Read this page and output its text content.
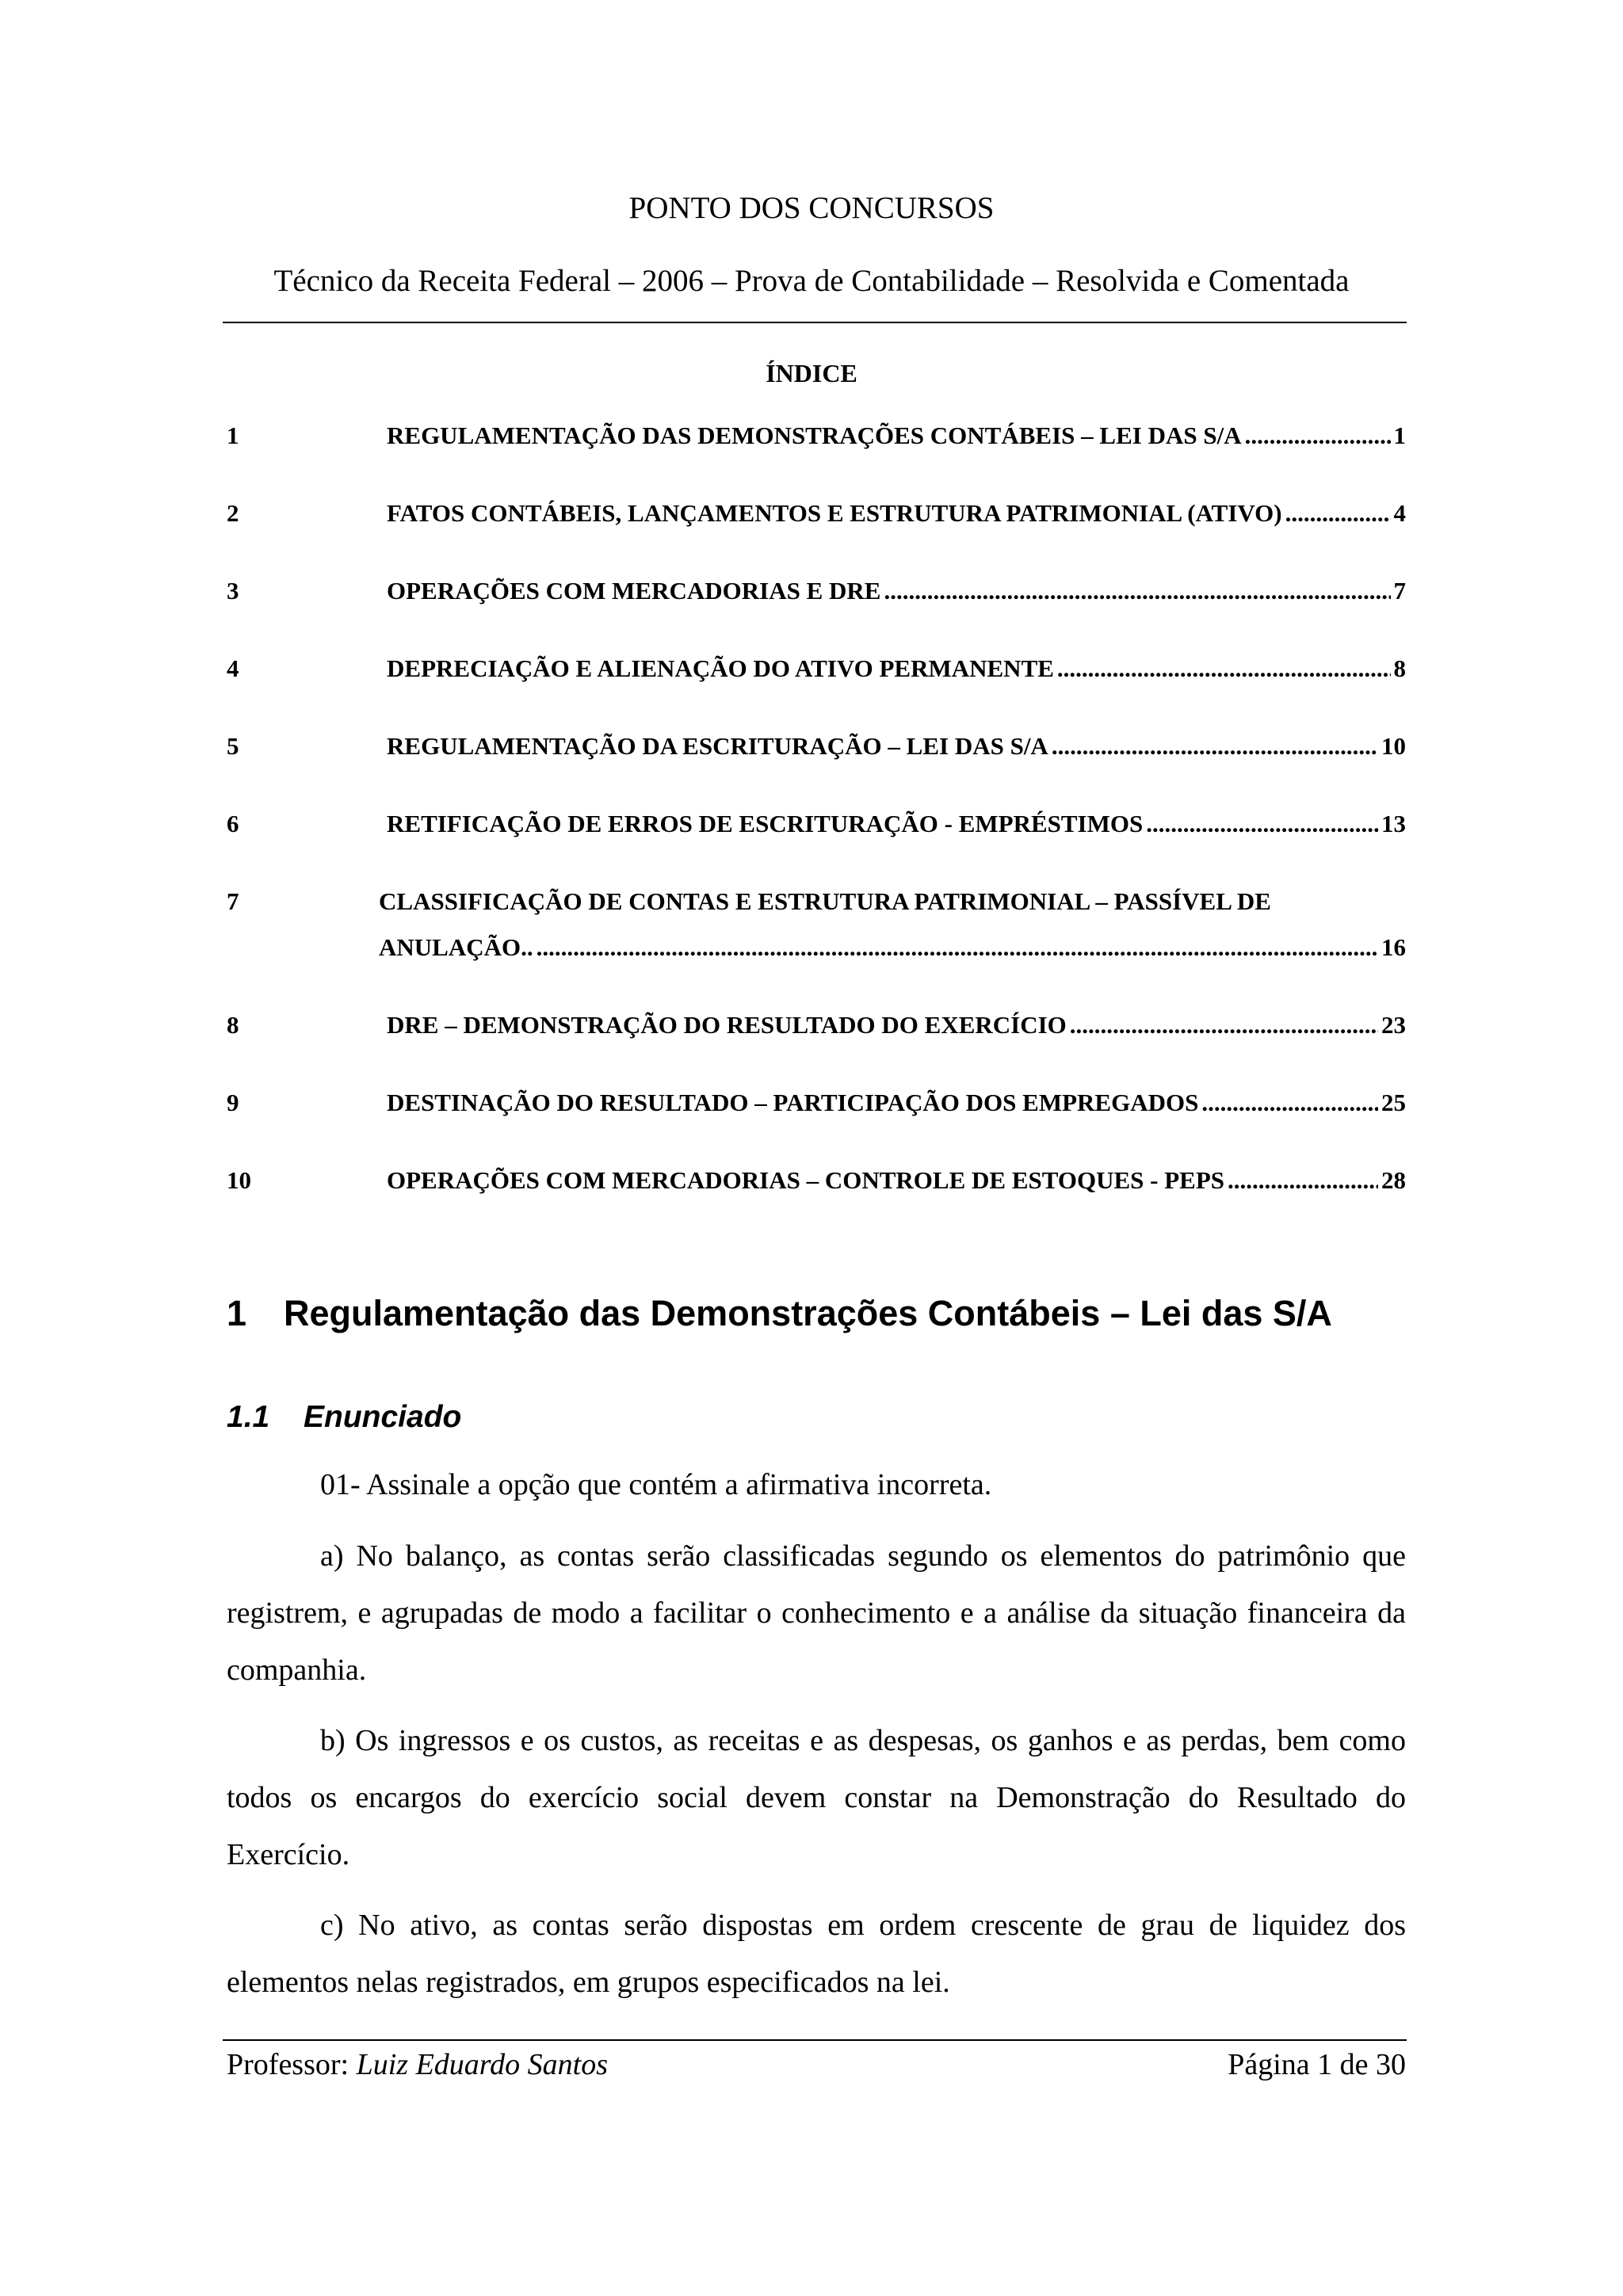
PONTO DOS CONCURSOS
Técnico da Receita Federal – 2006 – Prova de Contabilidade – Resolvida e Comentada
ÍNDICE
1	REGULAMENTAÇÃO DAS DEMONSTRAÇÕES CONTÁBEIS – LEI DAS S/A .....	1
2	FATOS CONTÁBEIS, LANÇAMENTOS E ESTRUTURA PATRIMONIAL (ATIVO) .....	4
3	OPERAÇÕES COM MERCADORIAS E DRE .....	7
4	DEPRECIAÇÃO E ALIENAÇÃO DO ATIVO PERMANENTE .....	8
5	REGULAMENTAÇÃO DA ESCRITURAÇÃO – LEI DAS S/A .....	10
6	RETIFICAÇÃO DE ERROS DE ESCRITURAÇÃO - EMPRÉSTIMOS .....	13
7	CLASSIFICAÇÃO DE CONTAS E ESTRUTURA PATRIMONIAL – PASSÍVEL DE
ANULAÇÃO.. .....	16
8	DRE – DEMONSTRAÇÃO DO RESULTADO DO EXERCÍCIO .....	23
9	DESTINAÇÃO DO RESULTADO – PARTICIPAÇÃO DOS EMPREGADOS .....	25
10	OPERAÇÕES COM MERCADORIAS – CONTROLE DE ESTOQUES - PEPS .....	28
1 Regulamentação das Demonstrações Contábeis – Lei das S/A
1.1 Enunciado

01- Assinale a opção que contém a afirmativa incorreta.

a) No balanço, as contas serão classificadas segundo os elementos do patrimônio que registrem, e agrupadas de modo a facilitar o conhecimento e a análise da situação financeira da companhia.

b) Os ingressos e os custos, as receitas e as despesas, os ganhos e as perdas, bem como todos os encargos do exercício social devem constar na Demonstração do Resultado do Exercício.

c) No ativo, as contas serão dispostas em ordem crescente de grau de liquidez dos elementos nelas registrados, em grupos especificados na lei.

Professor: Luiz Eduardo Santos	Página 1 de 30
